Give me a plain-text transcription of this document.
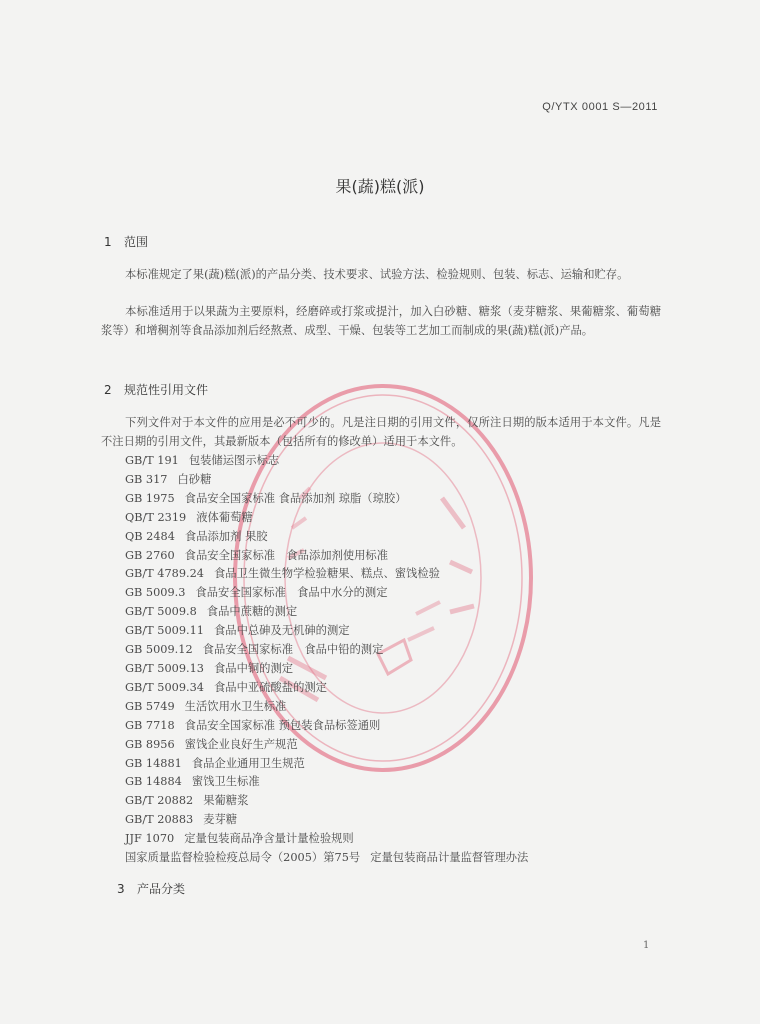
Q/YTX 0001 S—2011
果(蔬)糕(派)
1 范围
本标准规定了果(蔬)糕(派)的产品分类、技术要求、试验方法、检验规则、包装、标志、运输和贮存。
本标准适用于以果蔬为主要原料，经磨碎或打浆或提汁，加入白砂糖、糖浆（麦芽糖浆、果葡糖浆、葡萄糖浆等）和增稠剂等食品添加剂后经熬煮、成型、干燥、包装等工艺加工而制成的果(蔬)糕(派)产品。
2 规范性引用文件
下列文件对于本文件的应用是必不可少的。凡是注日期的引用文件，仅所注日期的版本适用于本文件。凡是不注日期的引用文件，其最新版本（包括所有的修改单）适用于本文件。
GB/T 191 包装储运图示标志
GB 317 白砂糖
GB 1975 食品安全国家标准 食品添加剂 琼脂（琼胶）
QB/T 2319 液体葡萄糖
QB 2484 食品添加剂 果胶
GB 2760 食品安全国家标准　食品添加剂使用标准
GB/T 4789.24 食品卫生微生物学检验糖果、糕点、蜜饯检验
GB 5009.3 食品安全国家标准　食品中水分的测定
GB/T 5009.8 食品中蔗糖的测定
GB/T 5009.11 食品中总砷及无机砷的测定
GB 5009.12 食品安全国家标准　食品中铅的测定
GB/T 5009.13 食品中铜的测定
GB/T 5009.34 食品中亚硫酸盐的测定
GB 5749 生活饮用水卫生标准
GB 7718 食品安全国家标准 预包装食品标签通则
GB 8956 蜜饯企业良好生产规范
GB 14881 食品企业通用卫生规范
GB 14884 蜜饯卫生标准
GB/T 20882 果葡糖浆
GB/T 20883 麦芽糖
JJF 1070 定量包装商品净含量计量检验规则
国家质量监督检验检疫总局令（2005）第75号 定量包装商品计量监督管理办法
3 产品分类
1
